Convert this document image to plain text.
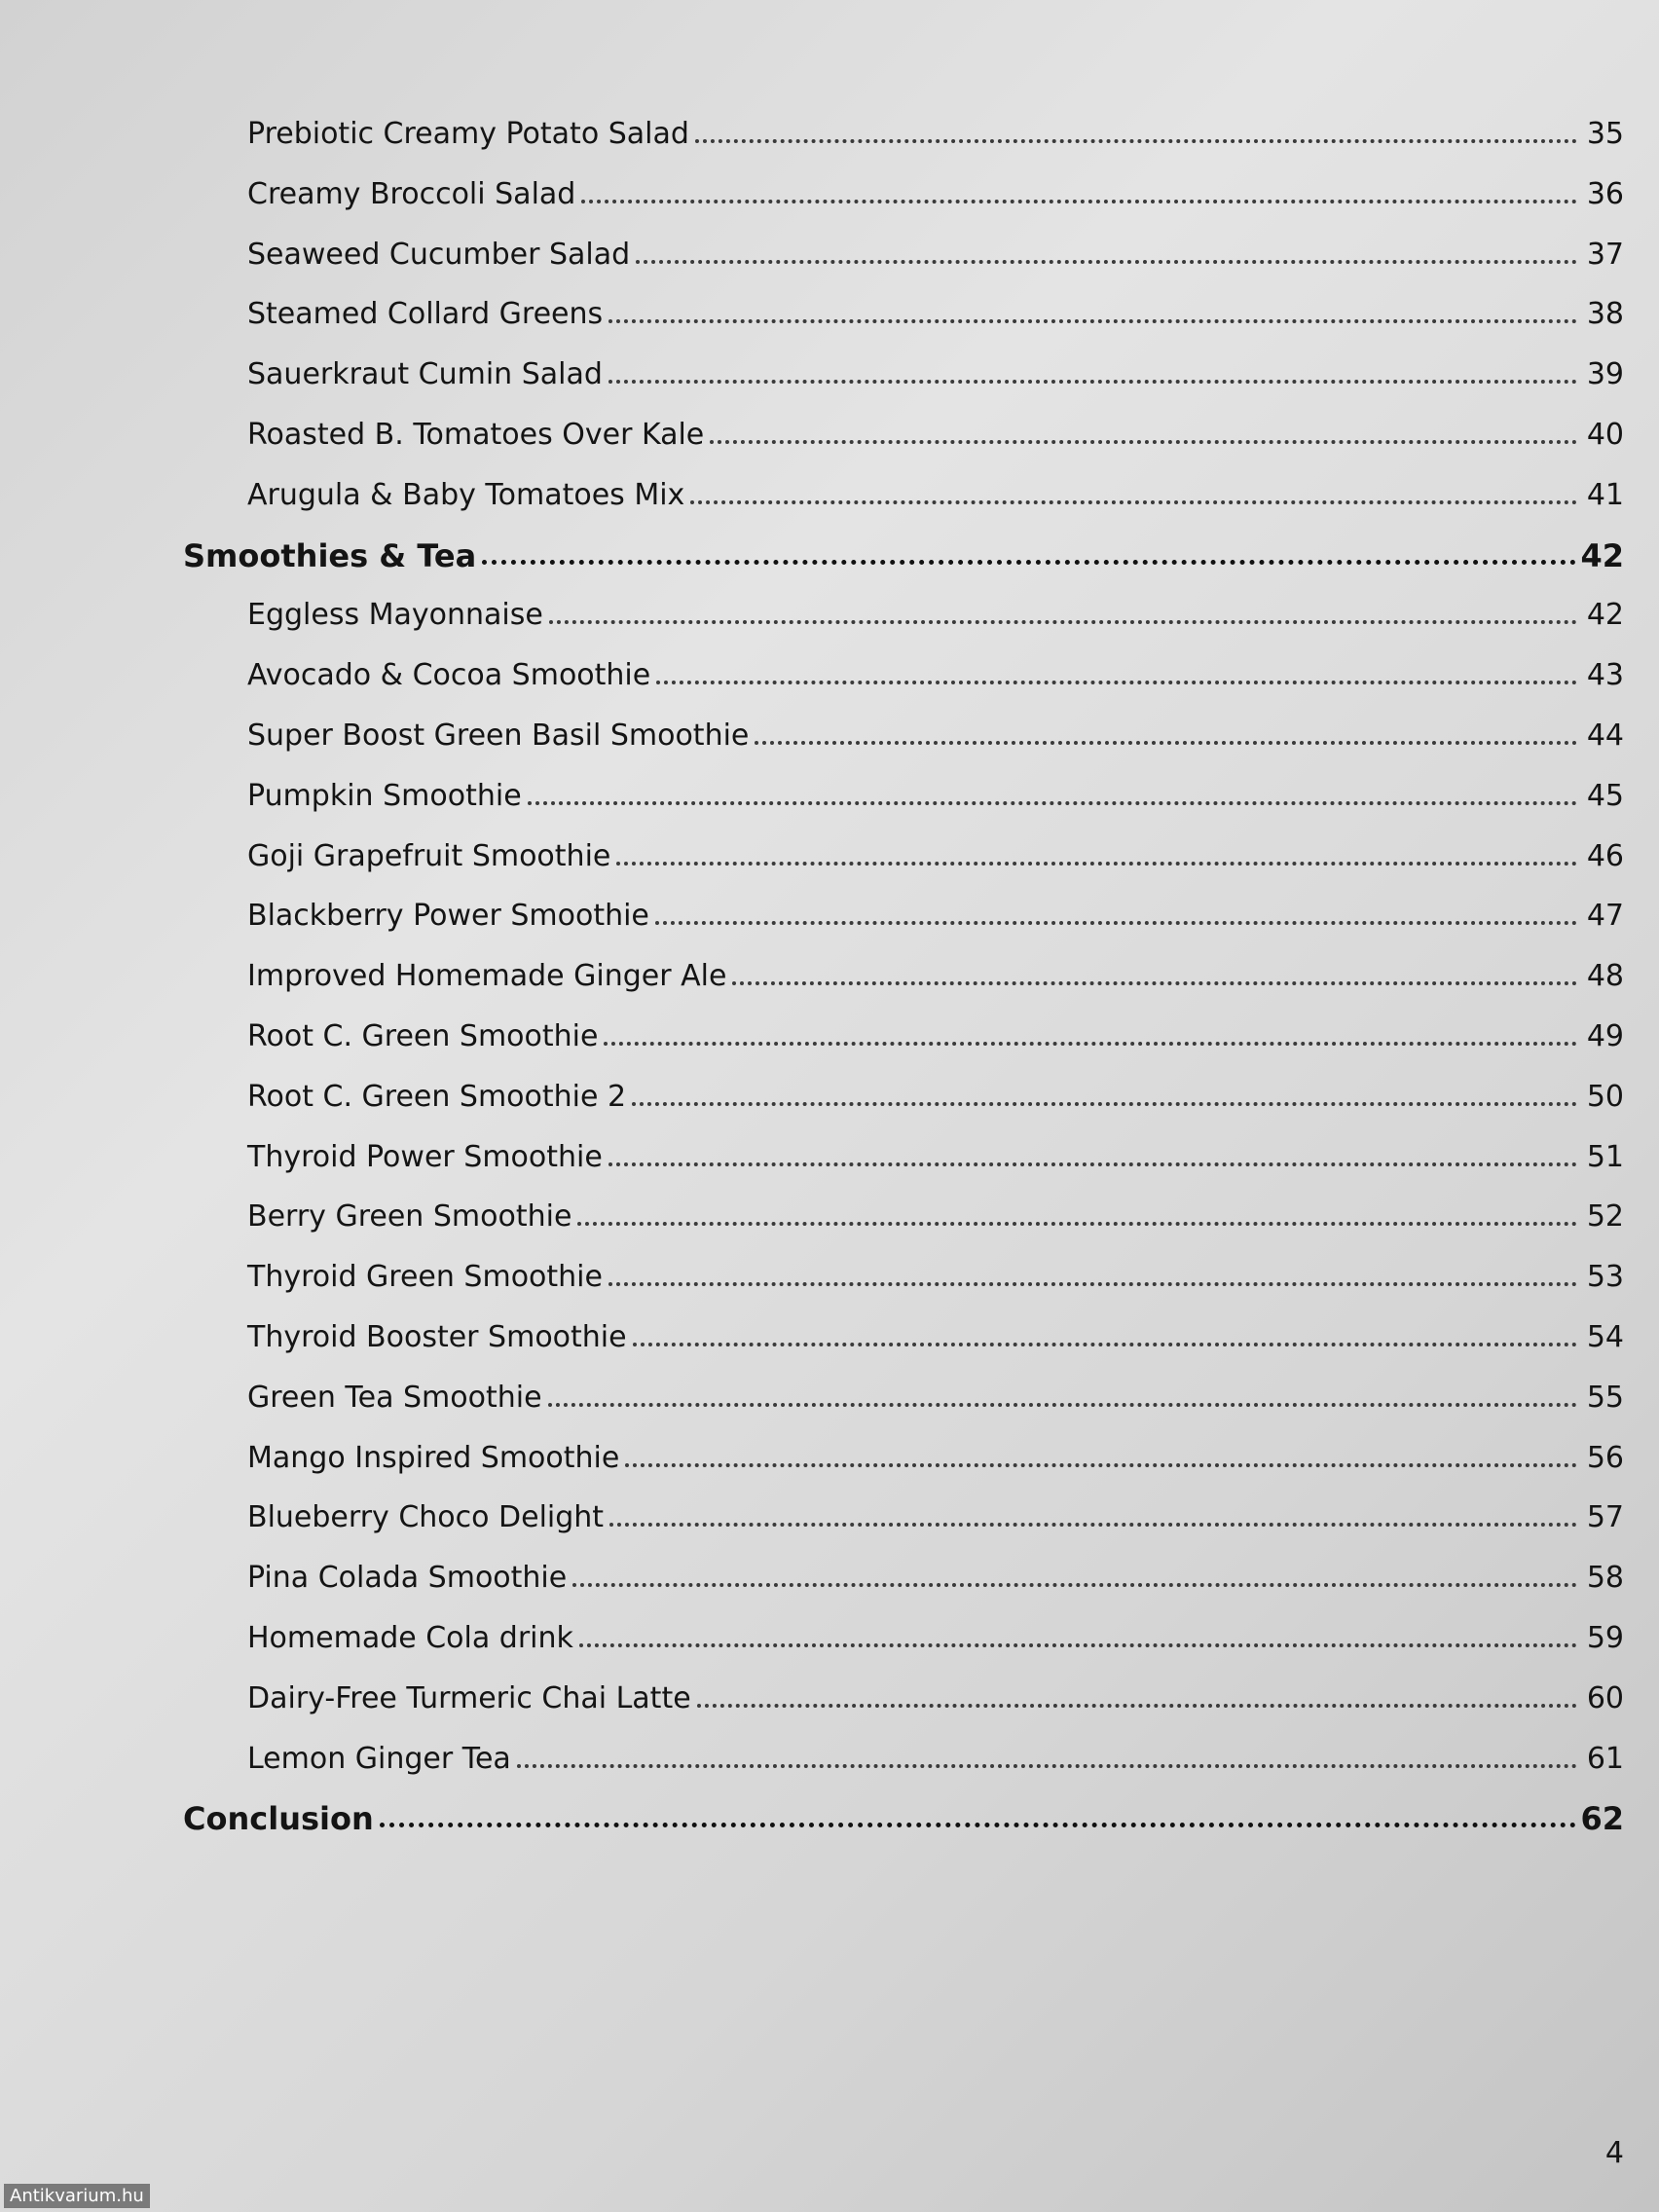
Prebiotic Creamy Potato Salad	35
Creamy Broccoli Salad	36
Seaweed Cucumber Salad	37
Steamed Collard Greens	38
Sauerkraut Cumin Salad	39
Roasted B. Tomatoes Over Kale	40
Arugula & Baby Tomatoes Mix	41
Smoothies & Tea	42
Eggless Mayonnaise	42
Avocado & Cocoa Smoothie	43
Super Boost Green Basil Smoothie	44
Pumpkin Smoothie	45
Goji Grapefruit Smoothie	46
Blackberry Power Smoothie	47
Improved Homemade Ginger Ale	48
Root C. Green Smoothie	49
Root C. Green Smoothie 2	50
Thyroid Power Smoothie	51
Berry Green Smoothie	52
Thyroid Green Smoothie	53
Thyroid Booster Smoothie	54
Green Tea Smoothie	55
Mango Inspired Smoothie	56
Blueberry Choco Delight	57
Pina Colada Smoothie	58
Homemade Cola drink	59
Dairy-Free Turmeric Chai Latte	60
Lemon Ginger Tea	61
Conclusion	62
4
Antikvarium.hu
